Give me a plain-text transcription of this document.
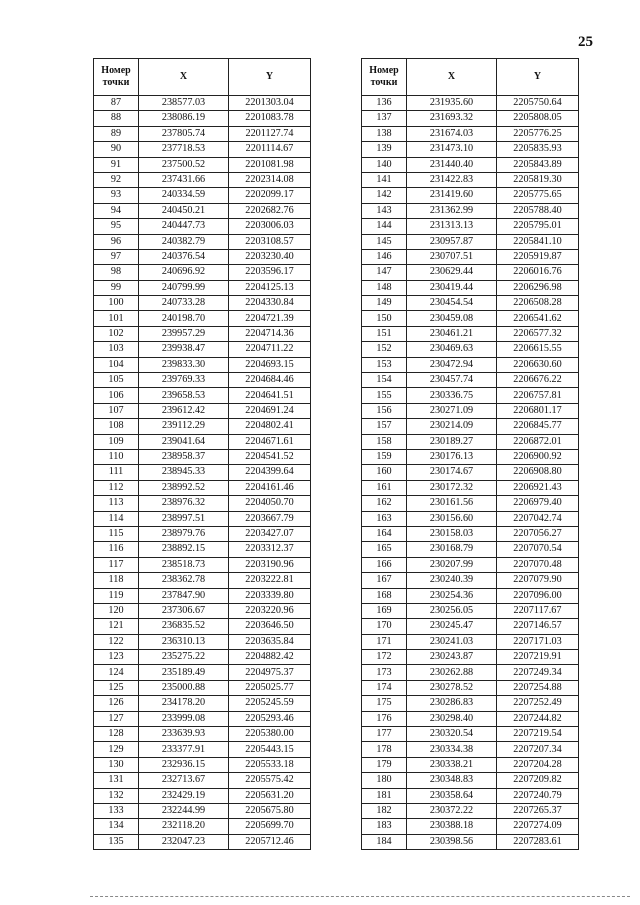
25
Номер
точки	X	Y
87	238577.03	2201303.04
88	238086.19	2201083.78
89	237805.74	2201127.74
90	237718.53	2201114.67
91	237500.52	2201081.98
92	237431.66	2202314.08
93	240334.59	2202099.17
94	240450.21	2202682.76
95	240447.73	2203006.03
96	240382.79	2203108.57
97	240376.54	2203230.40
98	240696.92	2203596.17
99	240799.99	2204125.13
100	240733.28	2204330.84
101	240198.70	2204721.39
102	239957.29	2204714.36
103	239938.47	2204711.22
104	239833.30	2204693.15
105	239769.33	2204684.46
106	239658.53	2204641.51
107	239612.42	2204691.24
108	239112.29	2204802.41
109	239041.64	2204671.61
110	238958.37	2204541.52
111	238945.33	2204399.64
112	238992.52	2204161.46
113	238976.32	2204050.70
114	238997.51	2203667.79
115	238979.76	2203427.07
116	238892.15	2203312.37
117	238518.73	2203190.96
118	238362.78	2203222.81
119	237847.90	2203339.80
120	237306.67	2203220.96
121	236835.52	2203646.50
122	236310.13	2203635.84
123	235275.22	2204882.42
124	235189.49	2204975.37
125	235000.88	2205025.77
126	234178.20	2205245.59
127	233999.08	2205293.46
128	233639.93	2205380.00
129	233377.91	2205443.15
130	232936.15	2205533.18
131	232713.67	2205575.42
132	232429.19	2205631.20
133	232244.99	2205675.80
134	232118.20	2205699.70
135	232047.23	2205712.46
Номер
точки	X	Y
136	231935.60	2205750.64
137	231693.32	2205808.05
138	231674.03	2205776.25
139	231473.10	2205835.93
140	231440.40	2205843.89
141	231422.83	2205819.30
142	231419.60	2205775.65
143	231362.99	2205788.40
144	231313.13	2205795.01
145	230957.87	2205841.10
146	230707.51	2205919.87
147	230629.44	2206016.76
148	230419.44	2206296.98
149	230454.54	2206508.28
150	230459.08	2206541.62
151	230461.21	2206577.32
152	230469.63	2206615.55
153	230472.94	2206630.60
154	230457.74	2206676.22
155	230336.75	2206757.81
156	230271.09	2206801.17
157	230214.09	2206845.77
158	230189.27	2206872.01
159	230176.13	2206900.92
160	230174.67	2206908.80
161	230172.32	2206921.43
162	230161.56	2206979.40
163	230156.60	2207042.74
164	230158.03	2207056.27
165	230168.79	2207070.54
166	230207.99	2207070.48
167	230240.39	2207079.90
168	230254.36	2207096.00
169	230256.05	2207117.67
170	230245.47	2207146.57
171	230241.03	2207171.03
172	230243.87	2207219.91
173	230262.88	2207249.34
174	230278.52	2207254.88
175	230286.83	2207252.49
176	230298.40	2207244.82
177	230320.54	2207219.54
178	230334.38	2207207.34
179	230338.21	2207204.28
180	230348.83	2207209.82
181	230358.64	2207240.79
182	230372.22	2207265.37
183	230388.18	2207274.09
184	230398.56	2207283.61
